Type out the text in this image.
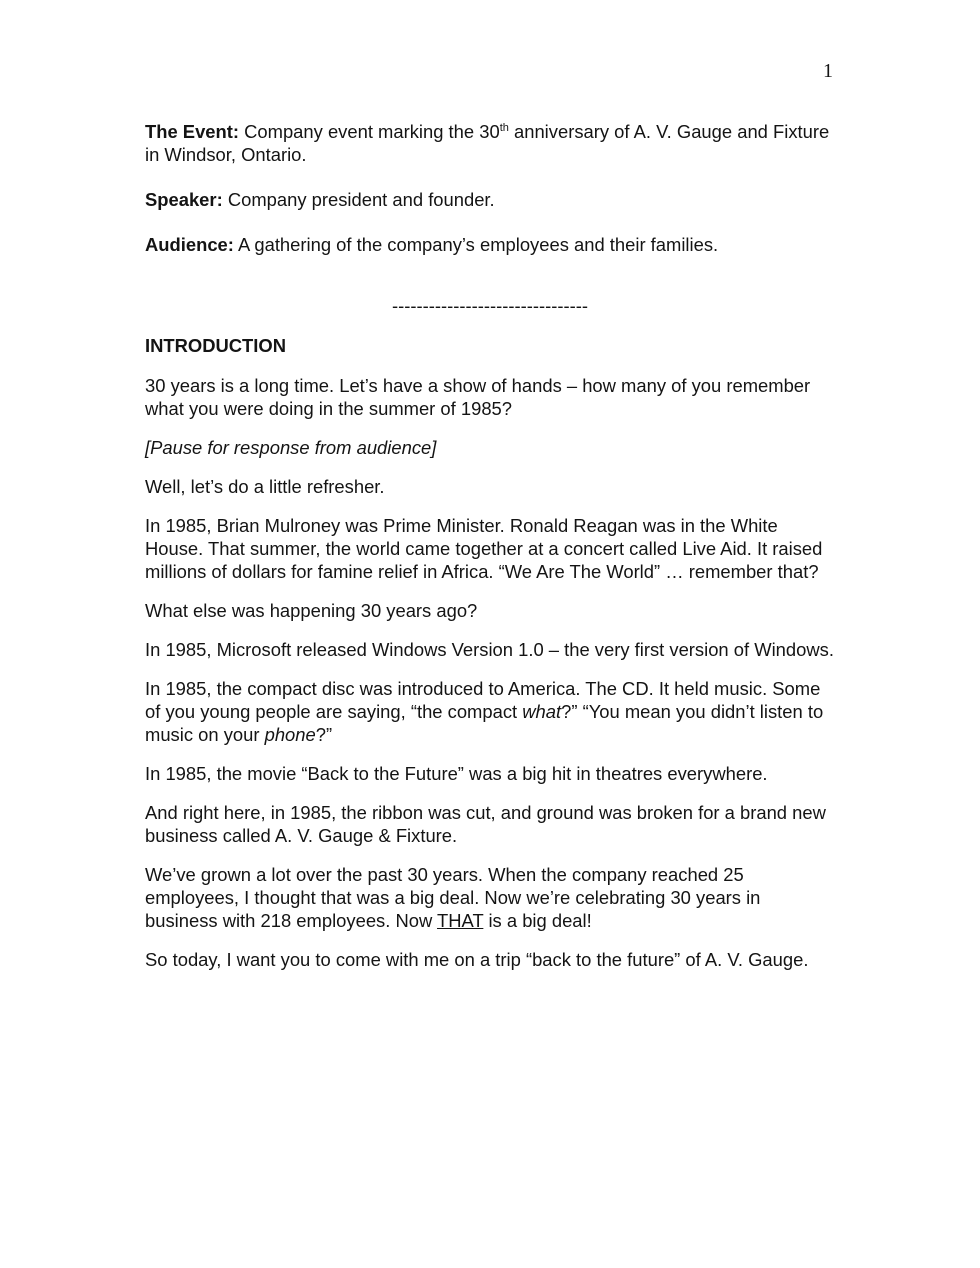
1

The Event: Company event marking the 30th anniversary of A. V. Gauge and Fixture in Windsor, Ontario.

Speaker: Company president and founder.

Audience: A gathering of the company’s employees and their families.

--------------------------------

INTRODUCTION

30 years is a long time. Let’s have a show of hands – how many of you remember what you were doing in the summer of 1985?

[Pause for response from audience]

Well, let’s do a little refresher.

In 1985, Brian Mulroney was Prime Minister. Ronald Reagan was in the White House. That summer, the world came together at a concert called Live Aid. It raised millions of dollars for famine relief in Africa. “We Are The World” … remember that?

What else was happening 30 years ago?

In 1985, Microsoft released Windows Version 1.0 – the very first version of Windows.

In 1985, the compact disc was introduced to America. The CD. It held music. Some of you young people are saying, “the compact what?” “You mean you didn’t listen to music on your phone?”

In 1985, the movie “Back to the Future” was a big hit in theatres everywhere.

And right here, in 1985, the ribbon was cut, and ground was broken for a brand new business called A. V. Gauge & Fixture.

We’ve grown a lot over the past 30 years. When the company reached 25 employees, I thought that was a big deal. Now we’re celebrating 30 years in business with 218 employees. Now THAT is a big deal!

So today, I want you to come with me on a trip “back to the future” of A. V. Gauge.
